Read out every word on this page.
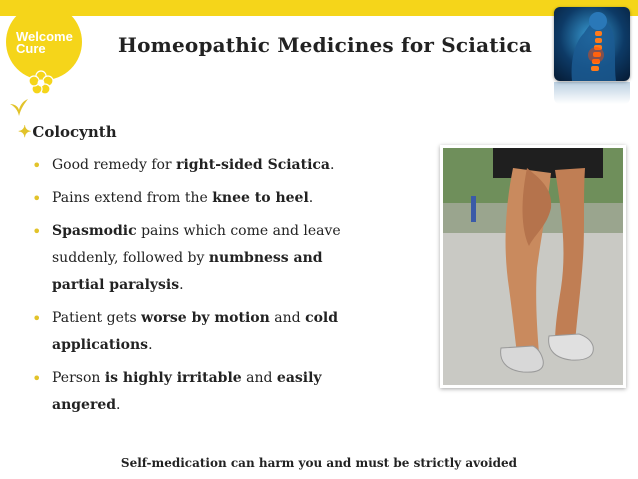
Welcome
Cure	Homeopathic Medicines for Sciatica
✦Colocynth
• Good remedy for right-sided Sciatica.
• Pains extend from the knee to heel.
• Spasmodic pains which come and leave suddenly, followed by numbness and partial paralysis.
• Patient gets worse by motion and cold applications.
• Person is highly irritable and easily angered.
Self-medication can harm you and must be strictly avoided
